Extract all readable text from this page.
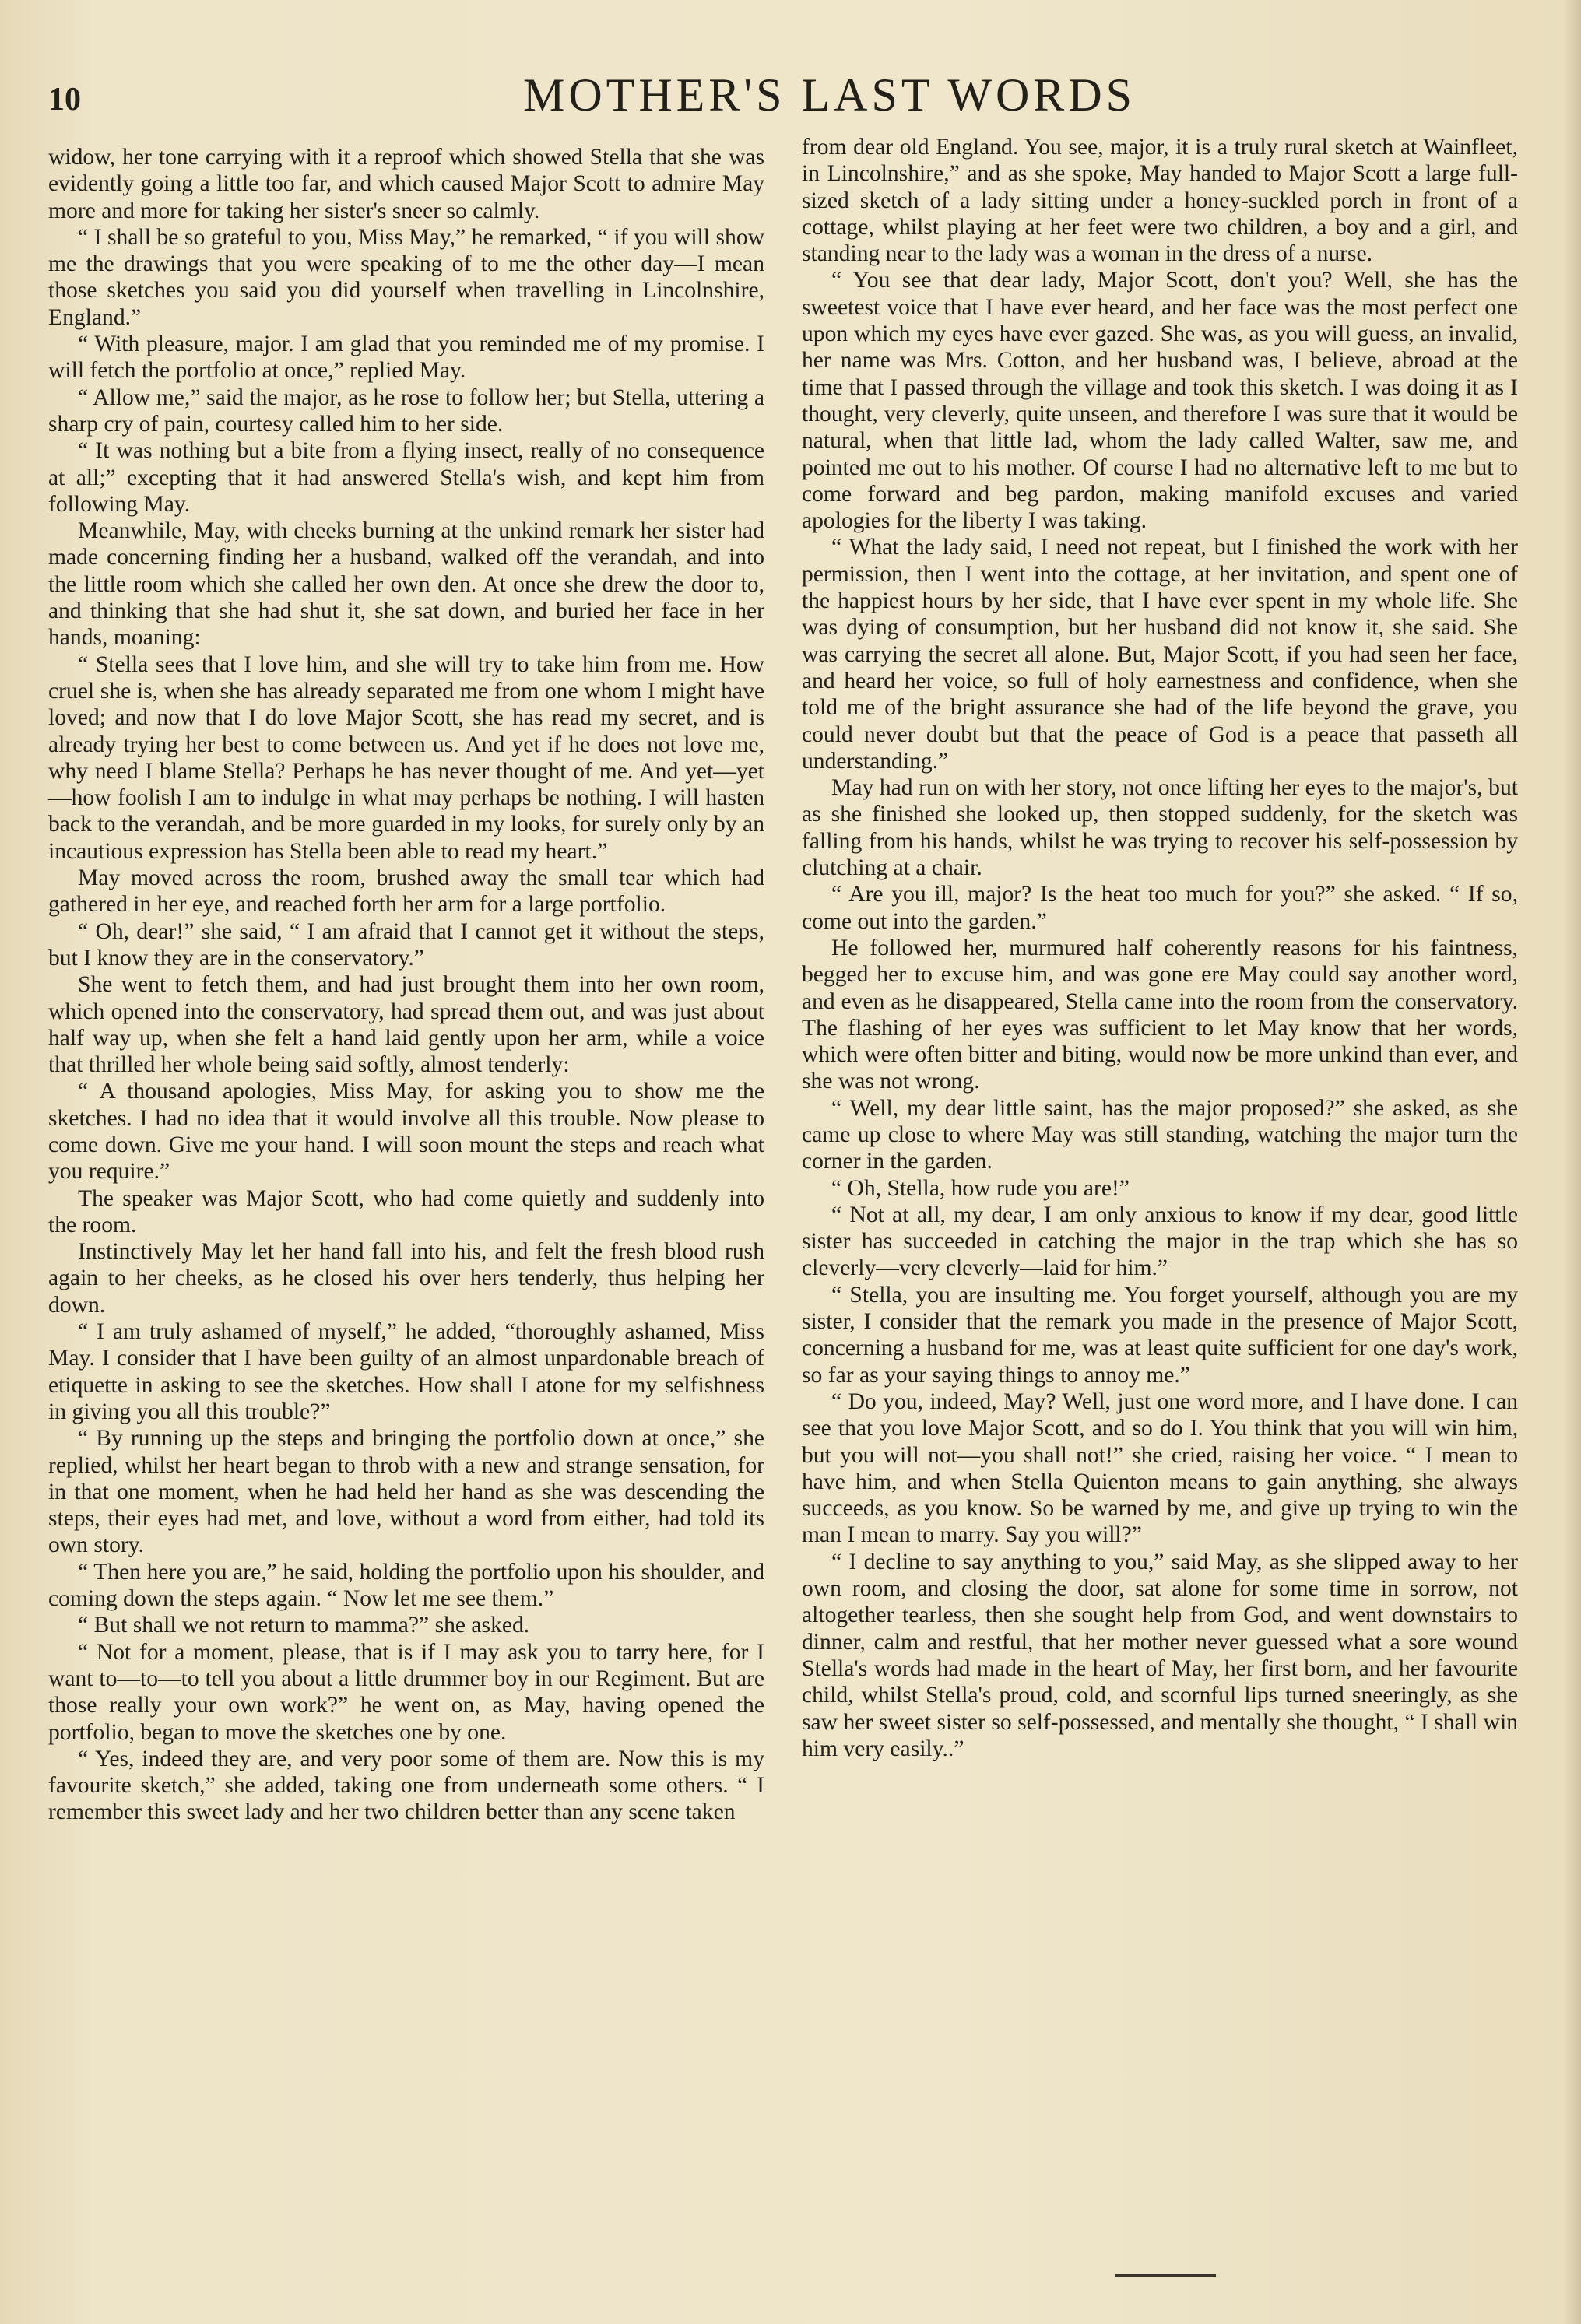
10	MOTHER'S LAST WORDS

widow, her tone carrying with it a reproof which showed Stella that she was evidently going a little too far, and which caused Major Scott to admire May more and more for taking her sister's sneer so calmly.

“ I shall be so grateful to you, Miss May,” he remarked, “ if you will show me the drawings that you were speaking of to me the other day—I mean those sketches you said you did yourself when travelling in Lincolnshire, England.”

“ With pleasure, major. I am glad that you reminded me of my promise. I will fetch the portfolio at once,” replied May.

“ Allow me,” said the major, as he rose to follow her; but Stella, uttering a sharp cry of pain, courtesy called him to her side.

“ It was nothing but a bite from a flying insect, really of no consequence at all;” excepting that it had answered Stella's wish, and kept him from following May.

Meanwhile, May, with cheeks burning at the unkind remark her sister had made concerning finding her a husband, walked off the verandah, and into the little room which she called her own den. At once she drew the door to, and thinking that she had shut it, she sat down, and buried her face in her hands, moaning:

“ Stella sees that I love him, and she will try to take him from me. How cruel she is, when she has already separated me from one whom I might have loved; and now that I do love Major Scott, she has read my secret, and is already trying her best to come between us. And yet if he does not love me, why need I blame Stella? Perhaps he has never thought of me. And yet—yet—how foolish I am to indulge in what may perhaps be nothing. I will hasten back to the verandah, and be more guarded in my looks, for surely only by an incautious expression has Stella been able to read my heart.”

May moved across the room, brushed away the small tear which had gathered in her eye, and reached forth her arm for a large portfolio.

“ Oh, dear!” she said, “ I am afraid that I cannot get it without the steps, but I know they are in the conservatory.”

She went to fetch them, and had just brought them into her own room, which opened into the conservatory, had spread them out, and was just about half way up, when she felt a hand laid gently upon her arm, while a voice that thrilled her whole being said softly, almost tenderly:

“ A thousand apologies, Miss May, for asking you to show me the sketches. I had no idea that it would involve all this trouble. Now please to come down. Give me your hand. I will soon mount the steps and reach what you require.”

The speaker was Major Scott, who had come quietly and suddenly into the room.

Instinctively May let her hand fall into his, and felt the fresh blood rush again to her cheeks, as he closed his over hers tenderly, thus helping her down.

“ I am truly ashamed of myself,” he added, “thoroughly ashamed, Miss May. I consider that I have been guilty of an almost unpardonable breach of etiquette in asking to see the sketches. How shall I atone for my selfishness in giving you all this trouble?”

“ By running up the steps and bringing the portfolio down at once,” she replied, whilst her heart began to throb with a new and strange sensation, for in that one moment, when he had held her hand as she was descending the steps, their eyes had met, and love, without a word from either, had told its own story.

“ Then here you are,” he said, holding the portfolio upon his shoulder, and coming down the steps again. “ Now let me see them.”

“ But shall we not return to mamma?” she asked.

“ Not for a moment, please, that is if I may ask you to tarry here, for I want to—to—to tell you about a little drummer boy in our Regiment. But are those really your own work?” he went on, as May, having opened the portfolio, began to move the sketches one by one.

“ Yes, indeed they are, and very poor some of them are. Now this is my favourite sketch,” she added, taking one from underneath some others. “ I remember this sweet lady and her two children better than any scene taken

from dear old England. You see, major, it is a truly rural sketch at Wainfleet, in Lincolnshire,” and as she spoke, May handed to Major Scott a large full-sized sketch of a lady sitting under a honey-suckled porch in front of a cottage, whilst playing at her feet were two children, a boy and a girl, and standing near to the lady was a woman in the dress of a nurse.

“ You see that dear lady, Major Scott, don't you? Well, she has the sweetest voice that I have ever heard, and her face was the most perfect one upon which my eyes have ever gazed. She was, as you will guess, an invalid, her name was Mrs. Cotton, and her husband was, I believe, abroad at the time that I passed through the village and took this sketch. I was doing it as I thought, very cleverly, quite unseen, and therefore I was sure that it would be natural, when that little lad, whom the lady called Walter, saw me, and pointed me out to his mother. Of course I had no alternative left to me but to come forward and beg pardon, making manifold excuses and varied apologies for the liberty I was taking.

“ What the lady said, I need not repeat, but I finished the work with her permission, then I went into the cottage, at her invitation, and spent one of the happiest hours by her side, that I have ever spent in my whole life. She was dying of consumption, but her husband did not know it, she said. She was carrying the secret all alone. But, Major Scott, if you had seen her face, and heard her voice, so full of holy earnestness and confidence, when she told me of the bright assurance she had of the life beyond the grave, you could never doubt but that the peace of God is a peace that passeth all understanding.”

May had run on with her story, not once lifting her eyes to the major's, but as she finished she looked up, then stopped suddenly, for the sketch was falling from his hands, whilst he was trying to recover his self-possession by clutching at a chair.

“ Are you ill, major? Is the heat too much for you?” she asked. “ If so, come out into the garden.”

He followed her, murmured half coherently reasons for his faintness, begged her to excuse him, and was gone ere May could say another word, and even as he disappeared, Stella came into the room from the conservatory. The flashing of her eyes was sufficient to let May know that her words, which were often bitter and biting, would now be more unkind than ever, and she was not wrong.

“ Well, my dear little saint, has the major proposed?” she asked, as she came up close to where May was still standing, watching the major turn the corner in the garden.

“ Oh, Stella, how rude you are!”

“ Not at all, my dear, I am only anxious to know if my dear, good little sister has succeeded in catching the major in the trap which she has so cleverly—very cleverly—laid for him.”

“ Stella, you are insulting me. You forget yourself, although you are my sister, I consider that the remark you made in the presence of Major Scott, concerning a husband for me, was at least quite sufficient for one day's work, so far as your saying things to annoy me.”

“ Do you, indeed, May? Well, just one word more, and I have done. I can see that you love Major Scott, and so do I. You think that you will win him, but you will not—you shall not!” she cried, raising her voice. “ I mean to have him, and when Stella Quienton means to gain anything, she always succeeds, as you know. So be warned by me, and give up trying to win the man I mean to marry. Say you will?”

“ I decline to say anything to you,” said May, as she slipped away to her own room, and closing the door, sat alone for some time in sorrow, not altogether tearless, then she sought help from God, and went downstairs to dinner, calm and restful, that her mother never guessed what a sore wound Stella's words had made in the heart of May, her first born, and her favourite child, whilst Stella's proud, cold, and scornful lips turned sneeringly, as she saw her sweet sister so self-possessed, and mentally she thought, “ I shall win him very easily..”
